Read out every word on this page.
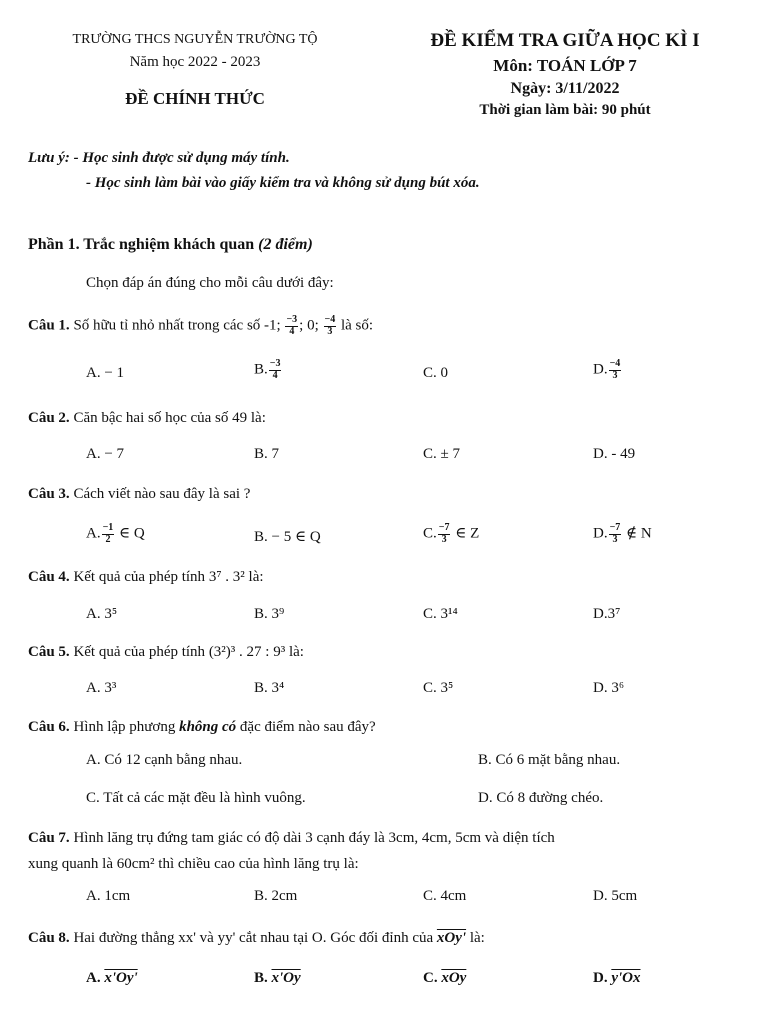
TRƯỜNG THCS NGUYỄN TRƯỜNG TỘ
Năm học 2022 - 2023
ĐỀ CHÍNH THỨC
ĐỀ KIỂM TRA GIỮA HỌC KÌ I
Môn: TOÁN LỚP 7
Ngày: 3/11/2022
Thời gian làm bài: 90 phút
Lưu ý: - Học sinh được sử dụng máy tính.
- Học sinh làm bài vào giấy kiểm tra và không sử dụng bút xóa.
Phần 1. Trắc nghiệm khách quan (2 điểm)
Chọn đáp án đúng cho mỗi câu dưới đây:
Câu 1. Số hữu tỉ nhỏ nhất trong các số -1; $\frac{-3}{4}$ ; 0; $\frac{-4}{3}$ là số:
A. − 1	B. $\frac{-3}{4}$	C. 0	D. $\frac{-4}{3}$
Câu 2. Căn bậc hai số học của số 49 là:
A. − 7	B. 7	C. ± 7	D. - 49
Câu 3. Cách viết nào sau đây là sai ?
A. $\frac{-1}{2}$ ∈ Q	B. − 5 ∈ Q	C. $\frac{-7}{3}$ ∈ Z	D. $\frac{-7}{3}$ ∉ N
Câu 4. Kết quả của phép tính 3⁷ . 3² là:
A. 3⁵	B. 3⁹	C. 3¹⁴	D.3⁷
Câu 5. Kết quả của phép tính (3²)³ . 27 : 9³ là:
A. 3³	B. 3⁴	C. 3⁵	D. 3⁶
Câu 6. Hình lập phương không có đặc điểm nào sau đây?
A. Có 12 cạnh bằng nhau.	B. Có 6 mặt bằng nhau.
C. Tất cả các mặt đều là hình vuông.	D. Có 8 đường chéo.
Câu 7. Hình lăng trụ đứng tam giác có độ dài 3 cạnh đáy là 3cm, 4cm, 5cm và diện tích
xung quanh là 60cm² thì chiều cao của hình lăng trụ là:
A. 1cm	B. 2cm	C. 4cm	D. 5cm
Câu 8. Hai đường thẳng xx' và yy' cắt nhau tại O. Góc đối đỉnh của xOy' là:
A. x'Oy'	B. x'Oy	C. $\overline{xOy}$	D. y'Ox
